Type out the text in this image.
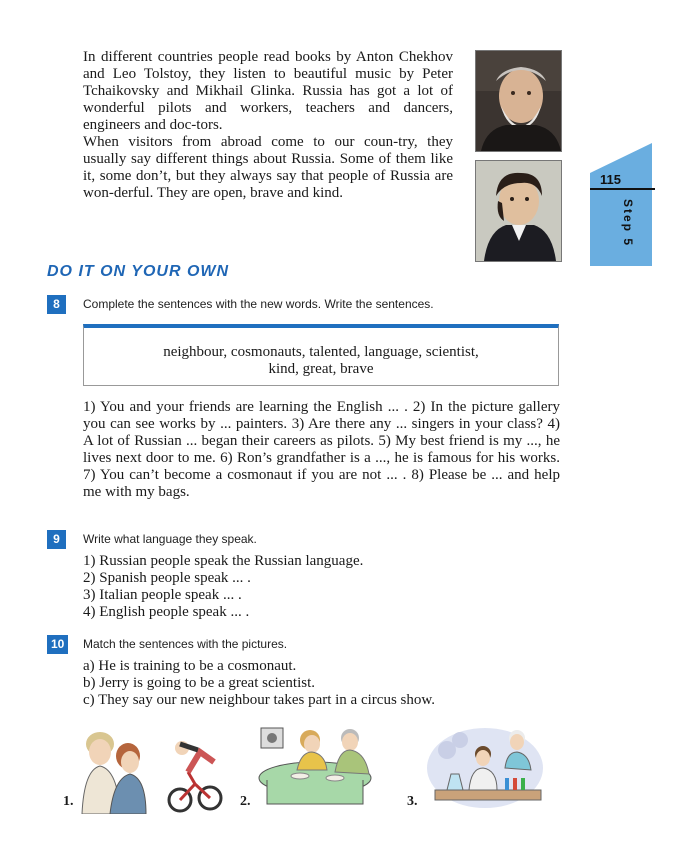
In different countries people read books by Anton Chekhov and Leo Tolstoy, they listen to beautiful music by Peter Tchaikovsky and Mikhail Glinka. Russia has got a lot of wonderful pilots and workers, teachers and dancers, engineers and doc-tors.

When visitors from abroad come to our coun-try, they usually say different things about Russia. Some of them like it, some don’t, but they always say that people of Russia are won-derful. They are open, brave and kind.

115
Step 5
DO IT ON YOUR OWN
8	Complete the sentences with the new words. Write the sentences.
neighbour, cosmonauts, talented, language, scientist,
kind, great, brave

1) You and your friends are learning the English ... . 2) In the picture gallery you can see works by ... painters. 3) Are there any ... singers in your class? 4) A lot of Russian ... began their careers as pilots. 5) My best friend is my ..., he lives next door to me. 6) Ron’s grandfather is a ..., he is famous for his works. 7) You can’t become a cosmonaut if you are not ... . 8) Please be ... and help me with my bags.

9	Write what language they speak.
1) Russian people speak the Russian language.
2) Spanish people speak ... .
3) Italian people speak ... .
4) English people speak ... .
10	Match the sentences with the pictures.
a) He is training to be a cosmonaut.
b) Jerry is going to be a great scientist.
c) They say our new neighbour takes part in a circus show.
1.	2.	3.
